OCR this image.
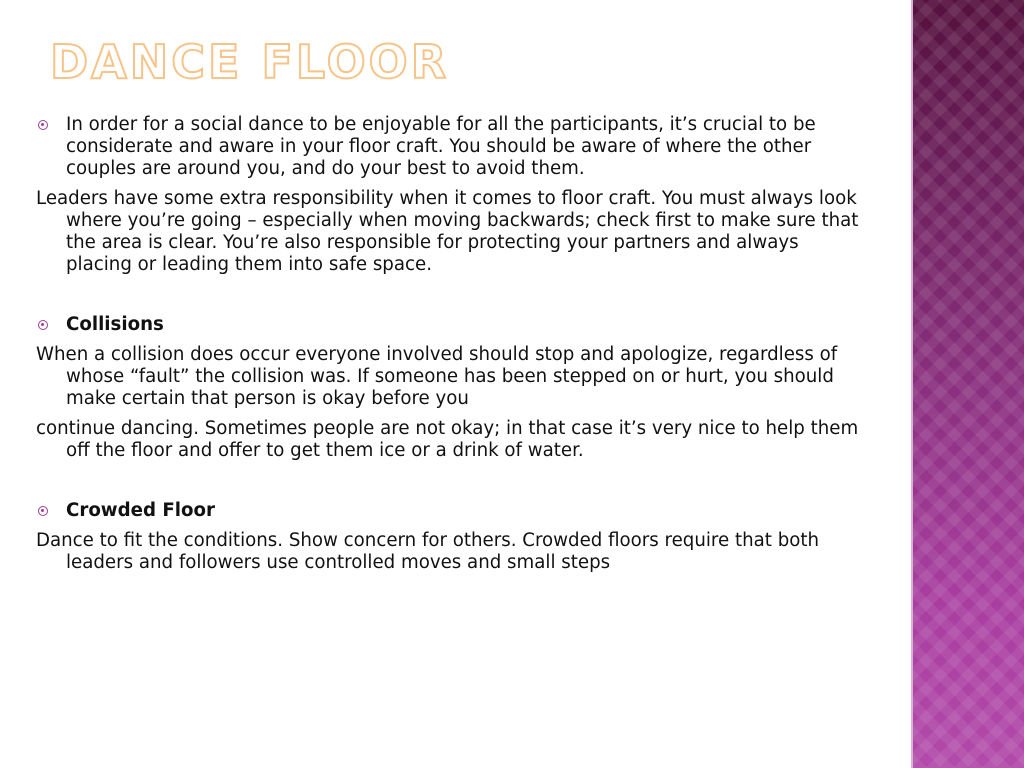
DANCE FLOOR
In order for a social dance to be enjoyable for all the participants, it’s crucial to be considerate and aware in your floor craft. You should be aware of where the other couples are around you, and do your best to avoid them.

Leaders have some extra responsibility when it comes to floor craft. You must always look where you’re going – especially when moving backwards; check first to make sure that the area is clear. You’re also responsible for protecting your partners and always placing or leading them into safe space.

Collisions

When a collision does occur everyone involved should stop and apologize, regardless of whose “fault” the collision was. If someone has been stepped on or hurt, you should make certain that person is okay before you

continue dancing. Sometimes people are not okay; in that case it’s very nice to help them off the floor and offer to get them ice or a drink of water.

Crowded Floor

Dance to fit the conditions. Show concern for others. Crowded floors require that both leaders and followers use controlled moves and small steps
